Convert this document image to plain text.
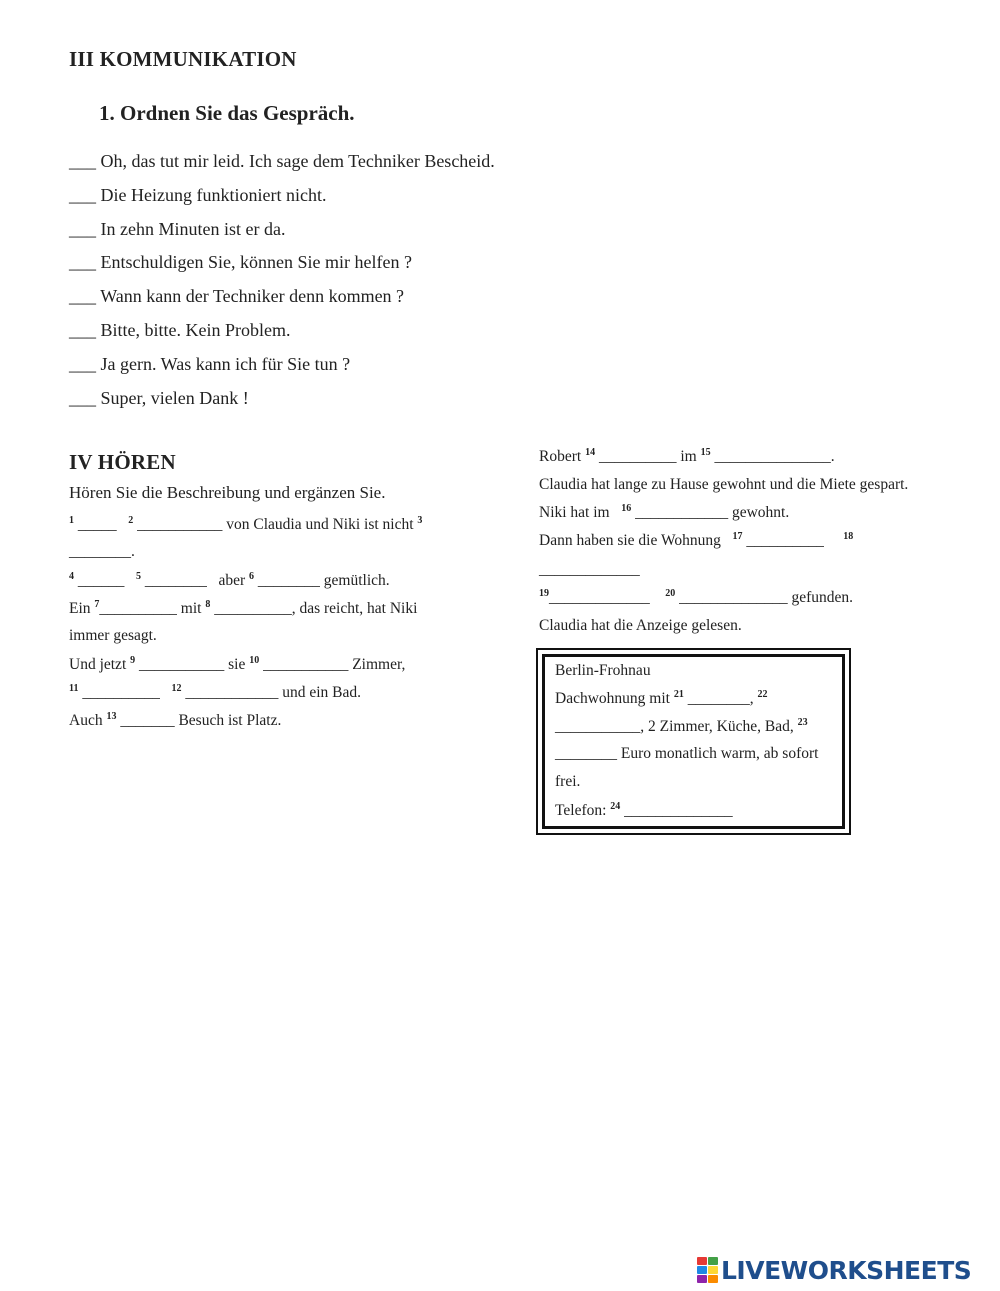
III KOMMUNIKATION
1. Ordnen Sie das Gespräch.
___ Oh, das tut mir leid. Ich sage dem Techniker Bescheid.
___ Die Heizung funktioniert nicht.
___ In zehn Minuten ist er da.
___ Entschuldigen Sie, können Sie mir helfen ?
___ Wann kann der Techniker denn kommen ?
___ Bitte, bitte. Kein Problem.
___ Ja gern. Was kann ich für Sie tun ?
___ Super, vielen Dank !
IV HÖREN
Hören Sie die Beschreibung und ergänzen Sie.
$^1$ _____ $^2$ ___________ von Claudia und Niki ist nicht $^3$
________.
$^4$ ______ $^5$ ________ aber $^6$ ________ gemütlich.
Ein $^7$__________ mit $^8$ __________, das reicht, hat Niki
immer gesagt.
Und jetzt $^9$ ___________ sie $^{10}$ ___________ Zimmer,
$^{11}$ __________ $^{12}$ ____________ und ein Bad.
Auch $^{13}$ _______ Besuch ist Platz.
Robert $^{14}$ __________ im $^{15}$ _______________.
Claudia hat lange zu Hause gewohnt und die Miete gespart.
Niki hat im   $^{16}$ ____________ gewohnt.
Dann haben sie die Wohnung   $^{17}$ __________ $^{18}$
_____________
$^{19}$_____________ $^{20}$ ______________ gefunden.
Claudia hat die Anzeige gelesen.
Berlin-Frohnau
Dachwohnung mit $^{21}$ ________, $^{22}$
___________, 2 Zimmer, Küche, Bad, $^{23}$
________ Euro monatlich warm, ab sofort
frei.
Telefon: $^{24}$ ______________
LIVEWORKSHEETS
